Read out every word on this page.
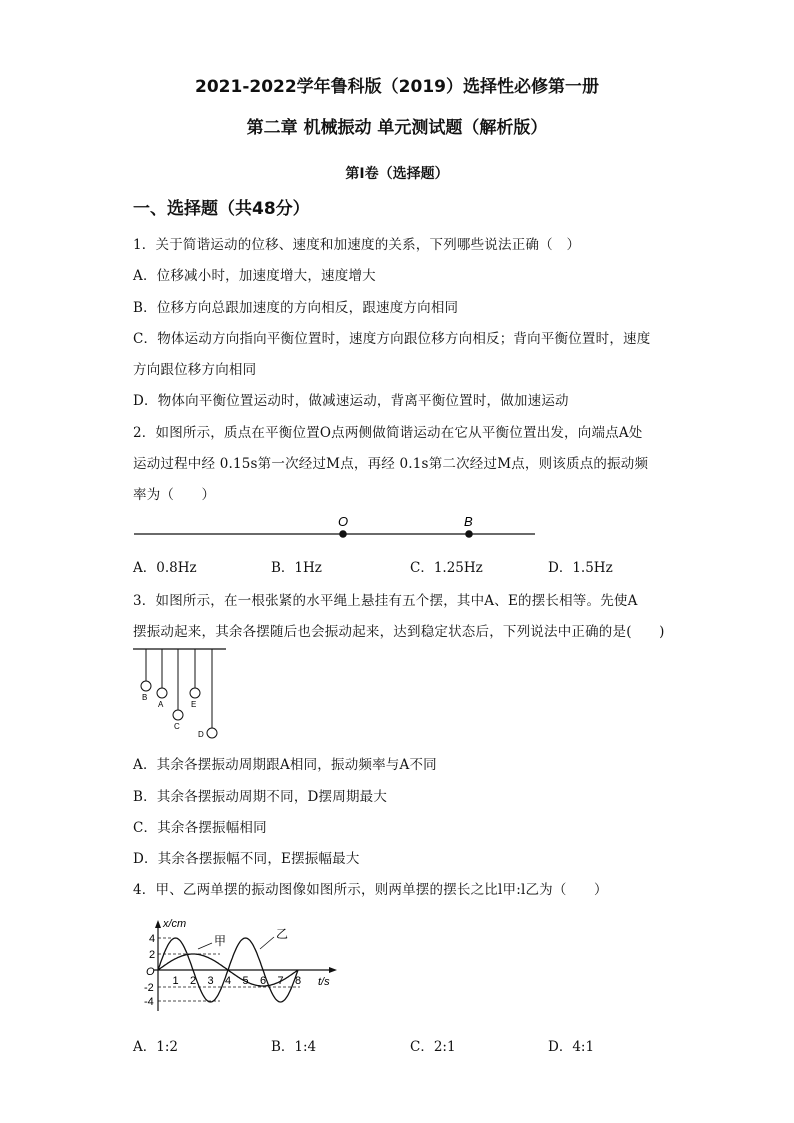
2021-2022学年鲁科版（2019）选择性必修第一册
第二章 机械振动 单元测试题（解析版）
第Ⅰ卷（选择题）
一、选择题（共48分）
1．关于简谐运动的位移、速度和加速度的关系，下列哪些说法正确（　）
A．位移减小时，加速度增大，速度增大
B．位移方向总跟加速度的方向相反，跟速度方向相同
C．物体运动方向指向平衡位置时，速度方向跟位移方向相反；背向平衡位置时，速度
方向跟位移方向相同
D．物体向平衡位置运动时，做减速运动，背离平衡位置时，做加速运动
2．如图所示，质点在平衡位置O点两侧做简谐运动在它从平衡位置出发，向端点A处
运动过程中经 0.15s第一次经过M点，再经 0.1s第二次经过M点，则该质点的振动频
率为（　　）
O	B
A．0.8Hz	B．1Hz	C．1.25Hz	D．1.5Hz
3．如图所示，在一根张紧的水平绳上悬挂有五个摆，其中A、E的摆长相等。先使A
摆振动起来，其余各摆随后也会振动起来，达到稳定状态后，下列说法中正确的是(　　)
B
A
C
E
D
A．其余各摆振动周期跟A相同，振动频率与A不同
B．其余各摆振动周期不同，D摆周期最大
C．其余各摆振幅相同
D．其余各摆振幅不同，E摆振幅最大
4．甲、乙两单摆的振动图像如图所示，则两单摆的摆长之比l甲:l乙为（　　）
x/cm
t/s
O
4
2
-2
-4
1 2 3 4 5 6 7 8
甲	乙
A．1:2	B．1:4	C．2:1	D．4:1
